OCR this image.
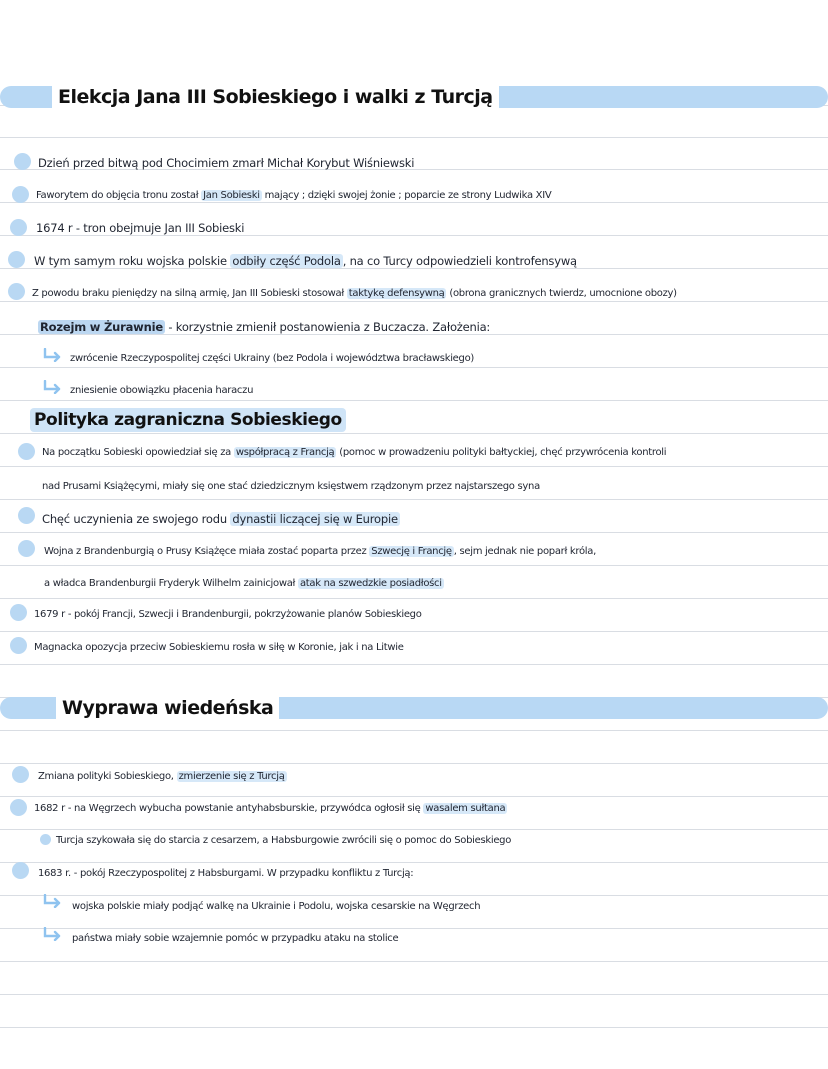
Elekcja Jana III Sobieskiego i walki z Turcją
Dzień przed bitwą pod Chocimiem zmarł Michał Korybut Wiśniewski
Faworytem do objęcia tronu został Jan Sobieski mający ; dzięki swojej żonie ; poparcie ze strony Ludwika XIV
1674 r - tron obejmuje Jan III Sobieski
W tym samym roku wojska polskie odbiły część Podola , na co Turcy odpowiedzieli kontrofensywą
Z powodu braku pieniędzy na silną armię, Jan III Sobieski stosował taktykę defensywną (obrona granicznych twierdz, umocnione obozy)
Rozejm w Żurawnie - korzystnie zmienił postanowienia z Buczacza. Założenia:
zwrócenie Rzeczypospolitej części Ukrainy (bez Podola i województwa bracławskiego)
zniesienie obowiązku płacenia haraczu
Polityka zagraniczna Sobieskiego
Na początku Sobieski opowiedział się za współpracą z Francją (pomoc w prowadzeniu polityki bałtyckiej, chęć przywrócenia kontroli
nad Prusami Książęcymi, miały się one stać dziedzicznym księstwem rządzonym przez najstarszego syna
Chęć uczynienia ze swojego rodu dynastii liczącej się w Europie
Wojna z Brandenburgią o Prusy Książęce miała zostać poparta przez Szwecję i Francję , sejm jednak nie poparł króla,
a władca Brandenburgii Fryderyk Wilhelm zainicjował atak na szwedzkie posiadłości
1679 r - pokój Francji, Szwecji i Brandenburgii, pokrzyżowanie planów Sobieskiego
Magnacka opozycja przeciw Sobieskiemu rosła w siłę w Koronie, jak i na Litwie
Wyprawa wiedeńska
Zmiana polityki Sobieskiego, zmierzenie się z Turcją
1682 r - na Węgrzech wybucha powstanie antyhabsburskie, przywódca ogłosił się wasalem sułtana
Turcja szykowała się do starcia z cesarzem, a Habsburgowie zwrócili się o pomoc do Sobieskiego
1683 r. - pokój Rzeczypospolitej z Habsburgami. W przypadku konfliktu z Turcją:
wojska polskie miały podjąć walkę na Ukrainie i Podolu, wojska cesarskie na Węgrzech
państwa miały sobie wzajemnie pomóc w przypadku ataku na stolice
